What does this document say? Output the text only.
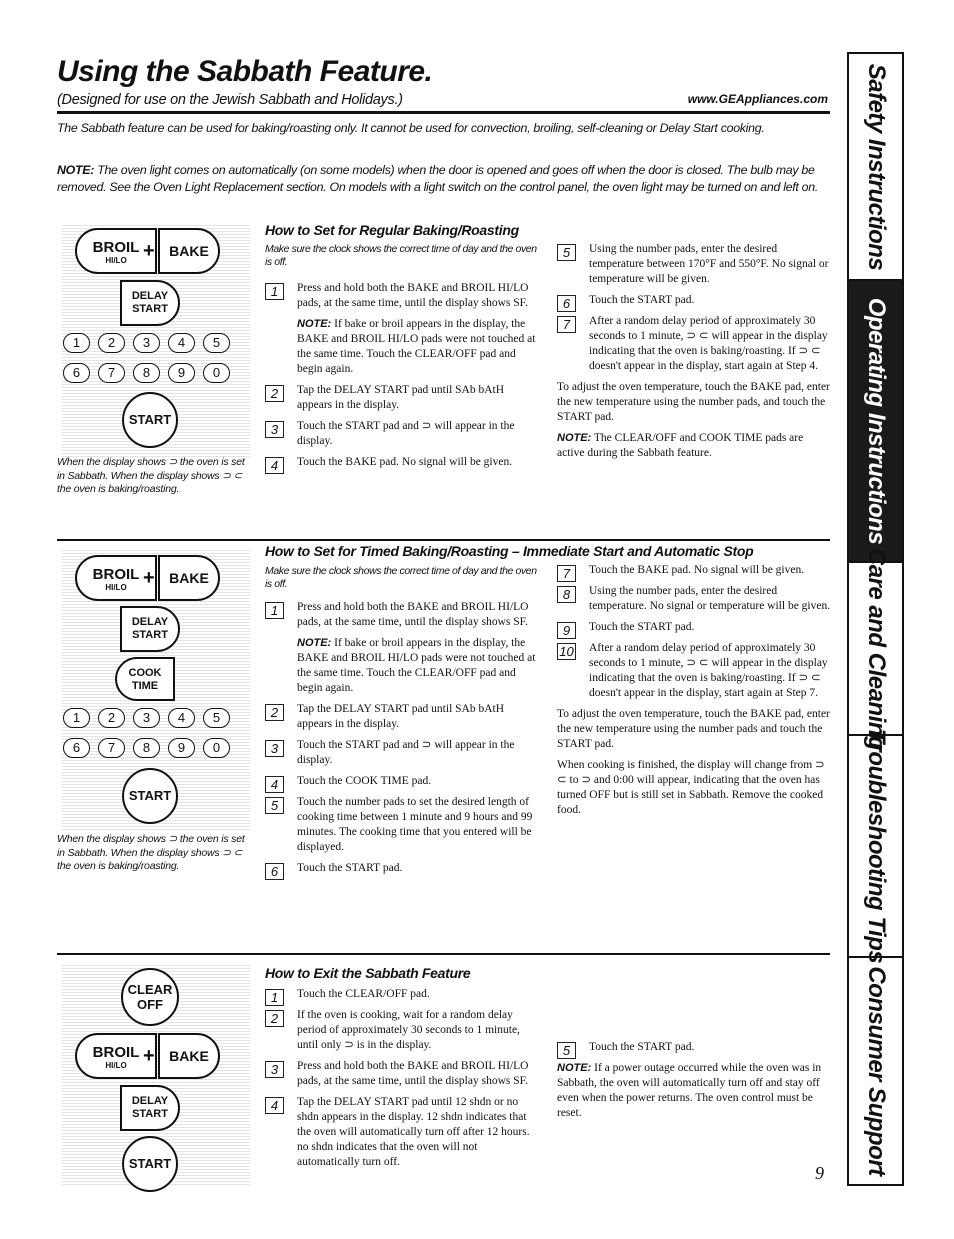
Using the Sabbath Feature.
(Designed for use on the Jewish Sabbath and Holidays.)	www.GEAppliances.com
The Sabbath feature can be used for baking/roasting only. It cannot be used for convection, broiling, self-cleaning or Delay Start cooking.
NOTE: The oven light comes on automatically (on some models) when the door is opened and goes off when the door is closed. The bulb may be removed. See the Oven Light Replacement section. On models with a light switch on the control panel, the oven light may be turned on and left on.
How to Set for Regular Baking/Roasting
Make sure the clock shows the correct time of day and the oven is off.
BROIL
HI/LO +	BAKE
DELAY
START
1	2	3	4	5
6	7	8	9	0
START
When the display shows ⊃ the oven is set in Sabbath. When the display shows ⊃ ⊂ the oven is baking/roasting.
1	Press and hold both the BAKE and BROIL HI/LO pads, at the same time, until the display shows SF.
NOTE: If bake or broil appears in the display, the BAKE and BROIL HI/LO pads were not touched at the same time. Touch the CLEAR/OFF pad and begin again.
2	Tap the DELAY START pad until SAb bAtH appears in the display.
3	Touch the START pad and ⊃ will appear in the display.
4	Touch the BAKE pad. No signal will be given.
5	Using the number pads, enter the desired temperature between 170°F and 550°F. No signal or temperature will be given.
6	Touch the START pad.
7	After a random delay period of approximately 30 seconds to 1 minute, ⊃ ⊂ will appear in the display indicating that the oven is baking/roasting. If ⊃ ⊂ doesn't appear in the display, start again at Step 4.
To adjust the oven temperature, touch the BAKE pad, enter the new temperature using the number pads, and touch the START pad.
NOTE: The CLEAR/OFF and COOK TIME pads are active during the Sabbath feature.
How to Set for Timed Baking/Roasting – Immediate Start and Automatic Stop
Make sure the clock shows the correct time of day and the oven is off.
BROIL
HI/LO +	BAKE
DELAY
START
COOK
TIME
1	2	3	4	5
6	7	8	9	0
START
When the display shows ⊃ the oven is set in Sabbath. When the display shows ⊃ ⊂ the oven is baking/roasting.
1	Press and hold both the BAKE and BROIL HI/LO pads, at the same time, until the display shows SF.
NOTE: If bake or broil appears in the display, the BAKE and BROIL HI/LO pads were not touched at the same time. Touch the CLEAR/OFF pad and begin again.
2	Tap the DELAY START pad until SAb bAtH appears in the display.
3	Touch the START pad and ⊃ will appear in the display.
4	Touch the COOK TIME pad.
5	Touch the number pads to set the desired length of cooking time between 1 minute and 9 hours and 99 minutes. The cooking time that you entered will be displayed.
6	Touch the START pad.
7	Touch the BAKE pad. No signal will be given.
8	Using the number pads, enter the desired temperature. No signal or temperature will be given.
9	Touch the START pad.
10 After a random delay period of approximately 30 seconds to 1 minute, ⊃ ⊂ will appear in the display indicating that the oven is baking/roasting. If ⊃ ⊂ doesn't appear in the display, start again at Step 7.
To adjust the oven temperature, touch the BAKE pad, enter the new temperature using the number pads and touch the START pad.
When cooking is finished, the display will change from ⊃ ⊂ to ⊃ and 0:00 will appear, indicating that the oven has turned OFF but is still set in Sabbath. Remove the cooked food.
How to Exit the Sabbath Feature
CLEAR
OFF
BROIL
HI/LO +	BAKE
DELAY
START
START
1	Touch the CLEAR/OFF pad.
2	If the oven is cooking, wait for a random delay period of approximately 30 seconds to 1 minute, until only ⊃ is in the display.
3	Press and hold both the BAKE and BROIL HI/LO pads, at the same time, until the display shows SF.
4	Tap the DELAY START pad until 12 shdn or no shdn appears in the display. 12 shdn indicates that the oven will automatically turn off after 12 hours. no shdn indicates that the oven will not automatically turn off.
5	Touch the START pad.
NOTE: If a power outage occurred while the oven was in Sabbath, the oven will automatically turn off and stay off even when the power returns. The oven control must be reset.
Safety Instructions
Operating Instructions
Care and Cleaning
Troubleshooting Tips
Consumer Support
9
